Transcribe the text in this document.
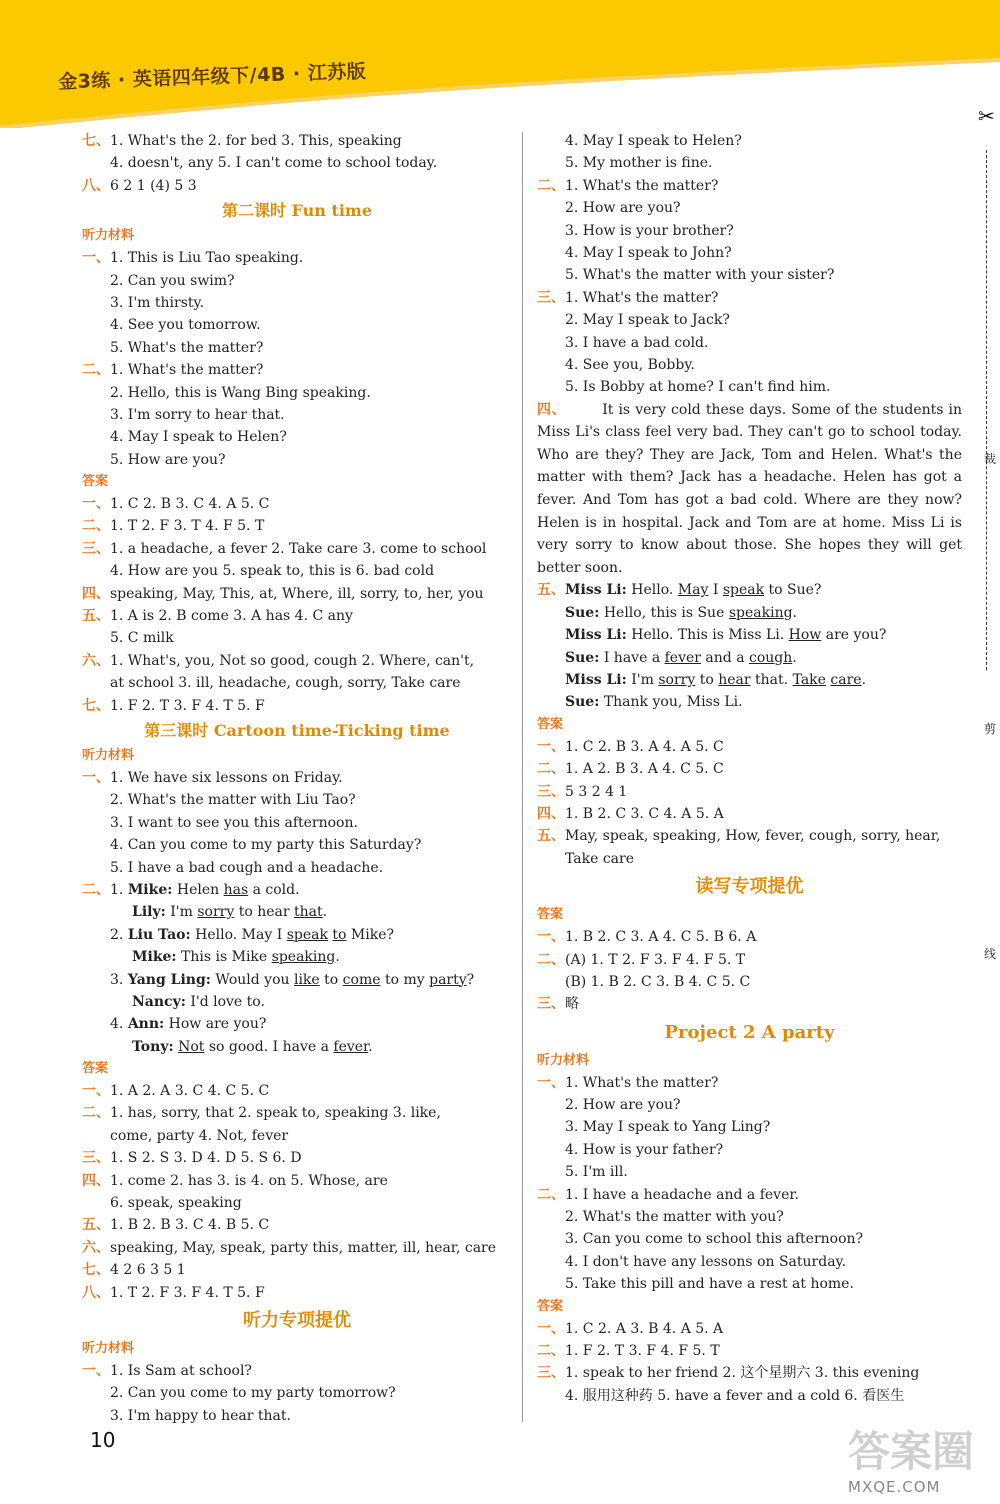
金3练 · 英语四年级下/4B · 江苏版
✂
裁
剪
线
七、1. What's the 2. for bed 3. This, speaking
4. doesn't, any 5. I can't come to school today.
八、6 2 1 (4) 5 3
第二课时 Fun time
听力材料
一、1. This is Liu Tao speaking.
2. Can you swim?
3. I'm thirsty.
4. See you tomorrow.
5. What's the matter?
二、1. What's the matter?
2. Hello, this is Wang Bing speaking.
3. I'm sorry to hear that.
4. May I speak to Helen?
5. How are you?
答案
一、1. C 2. B 3. C 4. A 5. C
二、1. T 2. F 3. T 4. F 5. T
三、1. a headache, a fever 2. Take care 3. come to school
4. How are you 5. speak to, this is 6. bad cold
四、speaking, May, This, at, Where, ill, sorry, to, her, you
五、1. A is 2. B come 3. A has 4. C any
5. C milk
六、1. What's, you, Not so good, cough 2. Where, can't,
at school 3. ill, headache, cough, sorry, Take care
七、1. F 2. T 3. F 4. T 5. F
第三课时 Cartoon time-Ticking time
听力材料
一、1. We have six lessons on Friday.
2. What's the matter with Liu Tao?
3. I want to see you this afternoon.
4. Can you come to my party this Saturday?
5. I have a bad cough and a headache.
二、1. Mike: Helen has a cold.
Lily: I'm sorry to hear that.
2. Liu Tao: Hello. May I speak to Mike?
Mike: This is Mike speaking.
3. Yang Ling: Would you like to come to my party?
Nancy: I'd love to.
4. Ann: How are you?
Tony: Not so good. I have a fever.
答案
一、1. A 2. A 3. C 4. C 5. C
二、1. has, sorry, that 2. speak to, speaking 3. like,
come, party 4. Not, fever
三、1. S 2. S 3. D 4. D 5. S 6. D
四、1. come 2. has 3. is 4. on 5. Whose, are
6. speak, speaking
五、1. B 2. B 3. C 4. B 5. C
六、speaking, May, speak, party this, matter, ill, hear, care
七、4 2 6 3 5 1
八、1. T 2. F 3. F 4. T 5. F
听力专项提优
听力材料
一、1. Is Sam at school?
2. Can you come to my party tomorrow?
3. I'm happy to hear that.
4. May I speak to Helen?
5. My mother is fine.
二、1. What's the matter?
2. How are you?
3. How is your brother?
4. May I speak to John?
5. What's the matter with your sister?
三、1. What's the matter?
2. May I speak to Jack?
3. I have a bad cold.
4. See you, Bobby.
5. Is Bobby at home? I can't find him.
四、	It is very cold these days. Some of the students in Miss Li's class feel very bad. They can't go to school today. Who are they? They are Jack, Tom and Helen. What's the matter with them? Jack has a headache. Helen has got a fever. And Tom has got a bad cold. Where are they now? Helen is in hospital. Jack and Tom are at home. Miss Li is very sorry to know about those. She hopes they will get better soon.
五、Miss Li: Hello. May I speak to Sue?
Sue: Hello, this is Sue speaking.
Miss Li: Hello. This is Miss Li. How are you?
Sue: I have a fever and a cough.
Miss Li: I'm sorry to hear that. Take care.
Sue: Thank you, Miss Li.
答案
一、1. C 2. B 3. A 4. A 5. C
二、1. A 2. B 3. A 4. C 5. C
三、5 3 2 4 1
四、1. B 2. C 3. C 4. A 5. A
五、May, speak, speaking, How, fever, cough, sorry, hear,
Take care
读写专项提优
答案
一、1. B 2. C 3. A 4. C 5. B 6. A
二、(A) 1. T 2. F 3. F 4. F 5. T
(B) 1. B 2. C 3. B 4. C 5. C
三、略
Project 2 A party
听力材料
一、1. What's the matter?
2. How are you?
3. May I speak to Yang Ling?
4. How is your father?
5. I'm ill.
二、1. I have a headache and a fever.
2. What's the matter with you?
3. Can you come to school this afternoon?
4. I don't have any lessons on Saturday.
5. Take this pill and have a rest at home.
答案
一、1. C 2. A 3. B 4. A 5. A
二、1. F 2. T 3. F 4. F 5. T
三、1. speak to her friend 2. 这个星期六 3. this evening
4. 服用这种药 5. have a fever and a cold 6. 看医生
10	答案圈
MXQE.COM
